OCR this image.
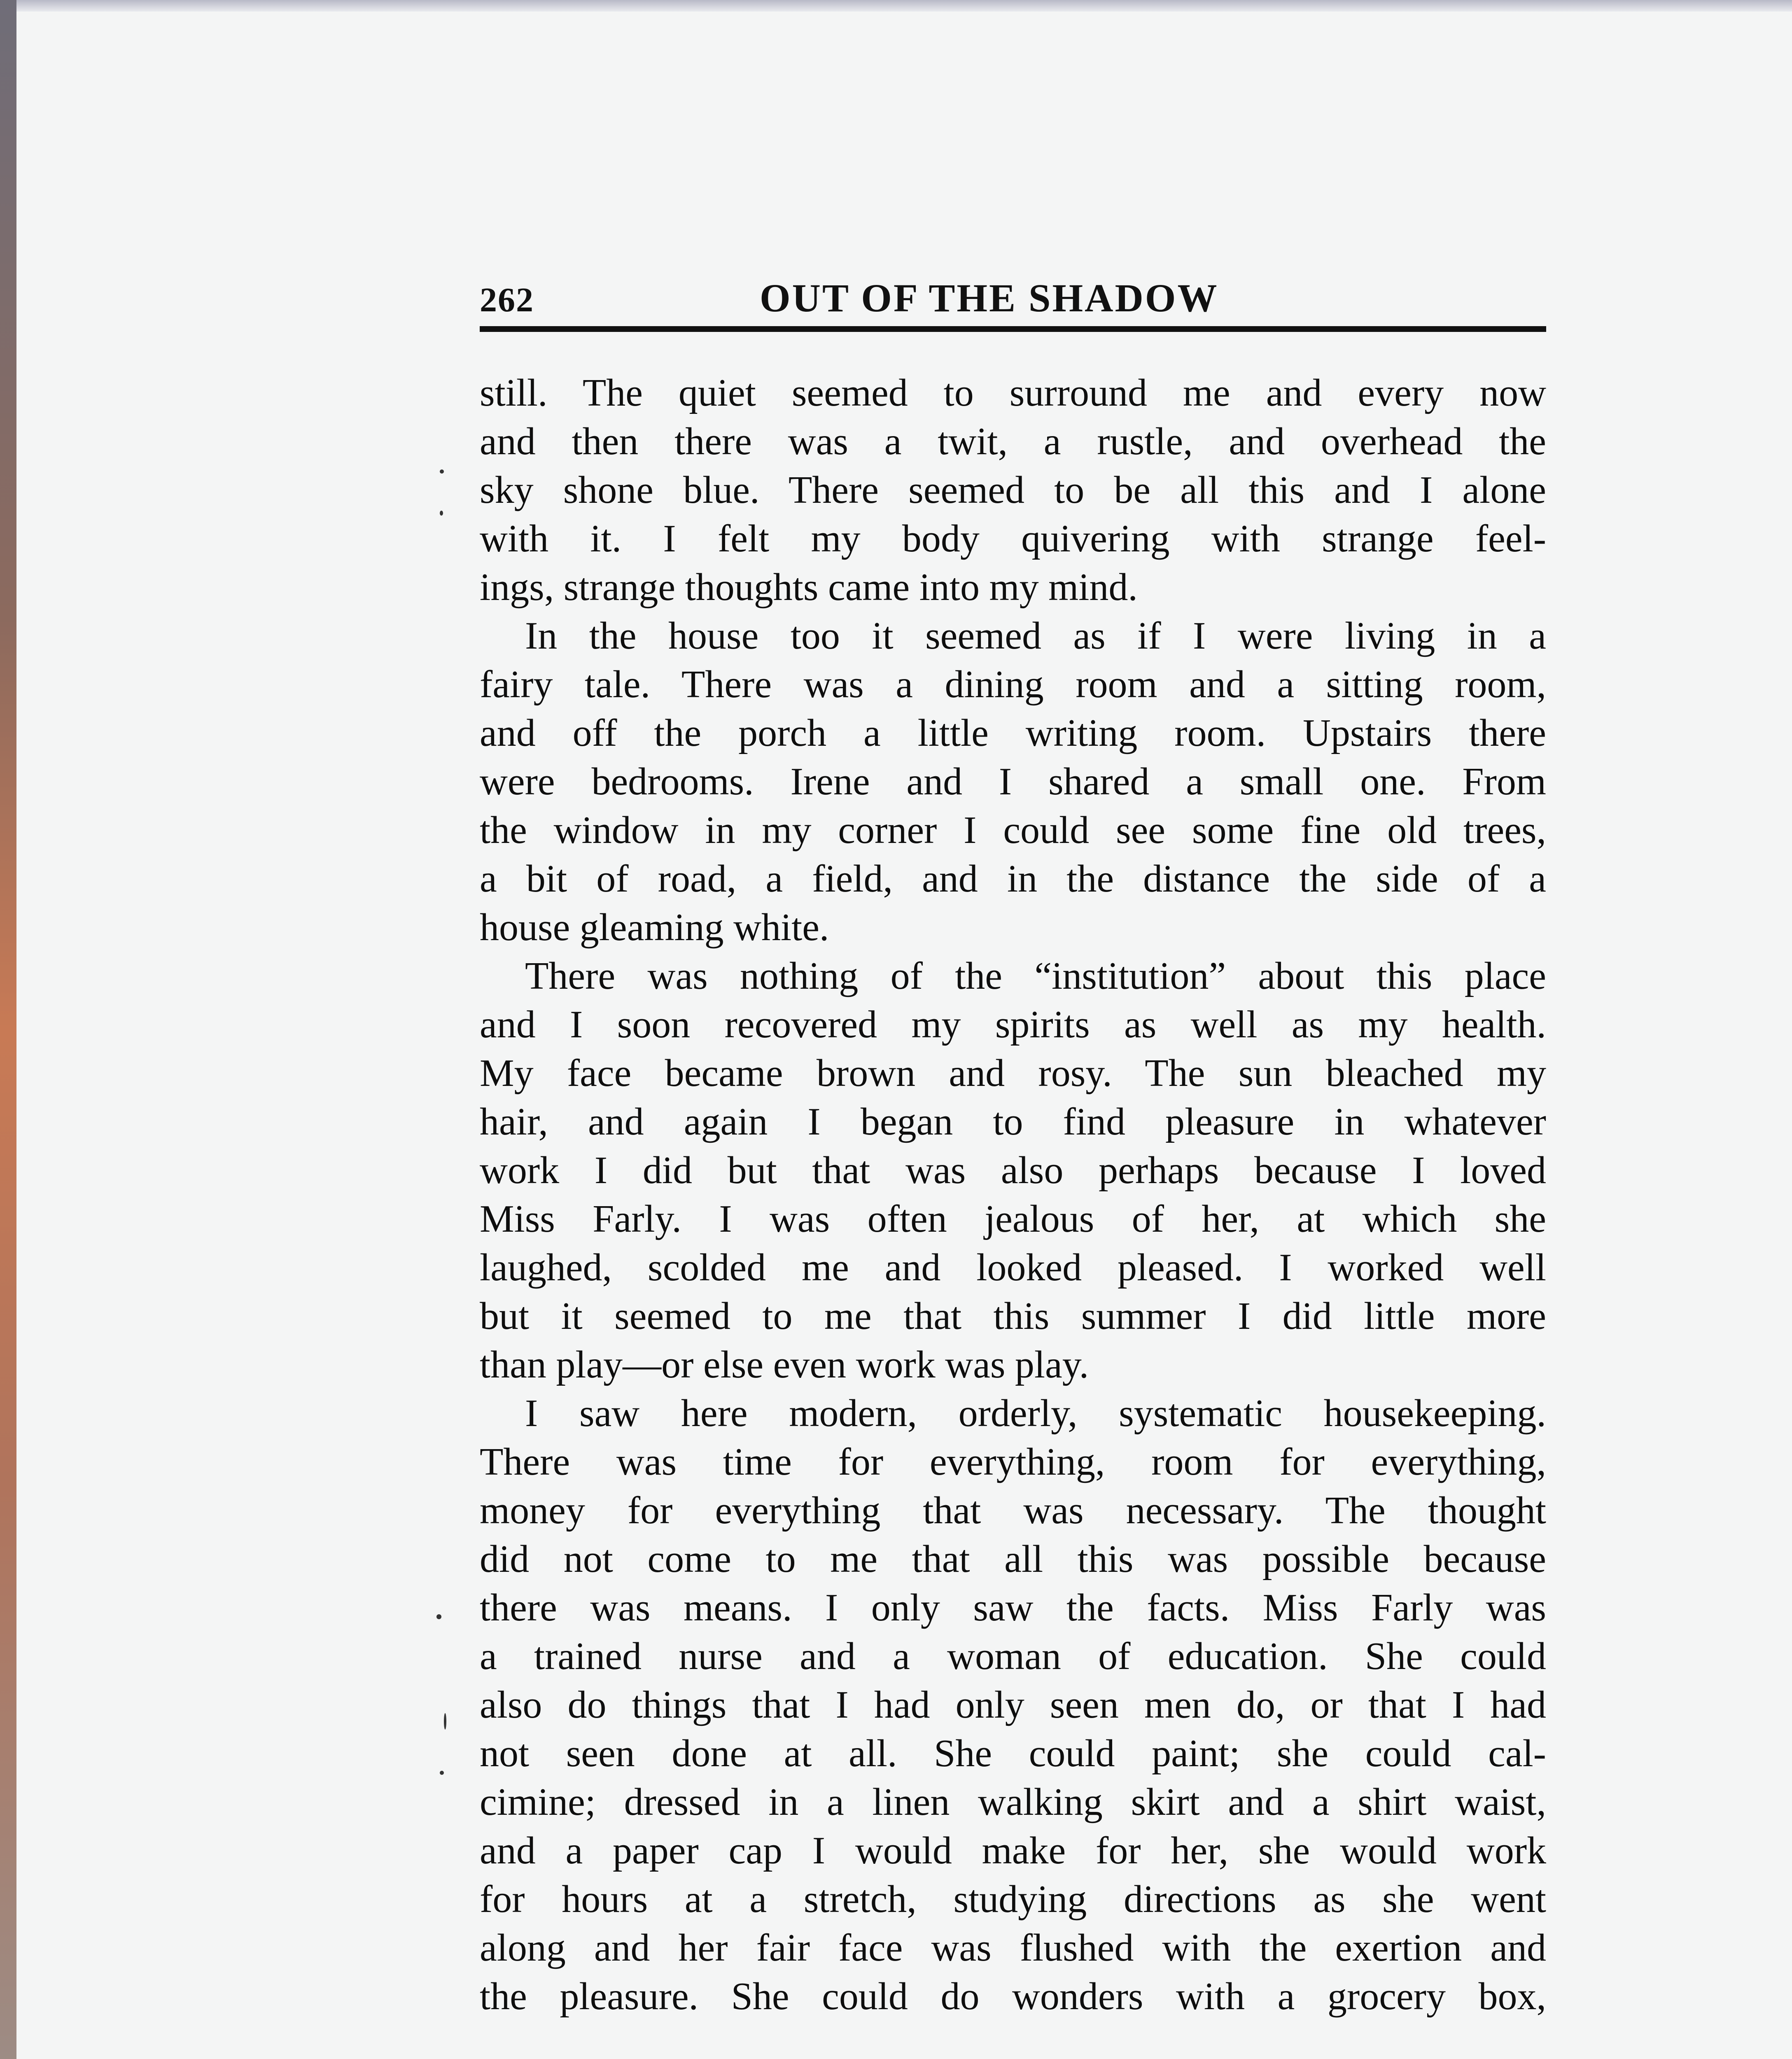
262	OUT OF THE SHADOW
still. The quiet seemed to surround me and every now
and then there was a twit, a rustle, and overhead the
sky shone blue. There seemed to be all this and I alone
with it. I felt my body quivering with strange feel-
ings, strange thoughts came into my mind.
In the house too it seemed as if I were living in a
fairy tale. There was a dining room and a sitting room,
and off the porch a little writing room. Upstairs there
were bedrooms. Irene and I shared a small one. From
the window in my corner I could see some fine old trees,
a bit of road, a field, and in the distance the side of a
house gleaming white.
There was nothing of the “institution” about this place
and I soon recovered my spirits as well as my health.
My face became brown and rosy. The sun bleached my
hair, and again I began to find pleasure in whatever
work I did but that was also perhaps because I loved
Miss Farly. I was often jealous of her, at which she
laughed, scolded me and looked pleased. I worked well
but it seemed to me that this summer I did little more
than play—or else even work was play.
I saw here modern, orderly, systematic housekeeping.
There was time for everything, room for everything,
money for everything that was necessary. The thought
did not come to me that all this was possible because
there was means. I only saw the facts. Miss Farly was
a trained nurse and a woman of education. She could
also do things that I had only seen men do, or that I had
not seen done at all. She could paint; she could cal-
cimine; dressed in a linen walking skirt and a shirt waist,
and a paper cap I would make for her, she would work
for hours at a stretch, studying directions as she went
along and her fair face was flushed with the exertion and
the pleasure. She could do wonders with a grocery box,
